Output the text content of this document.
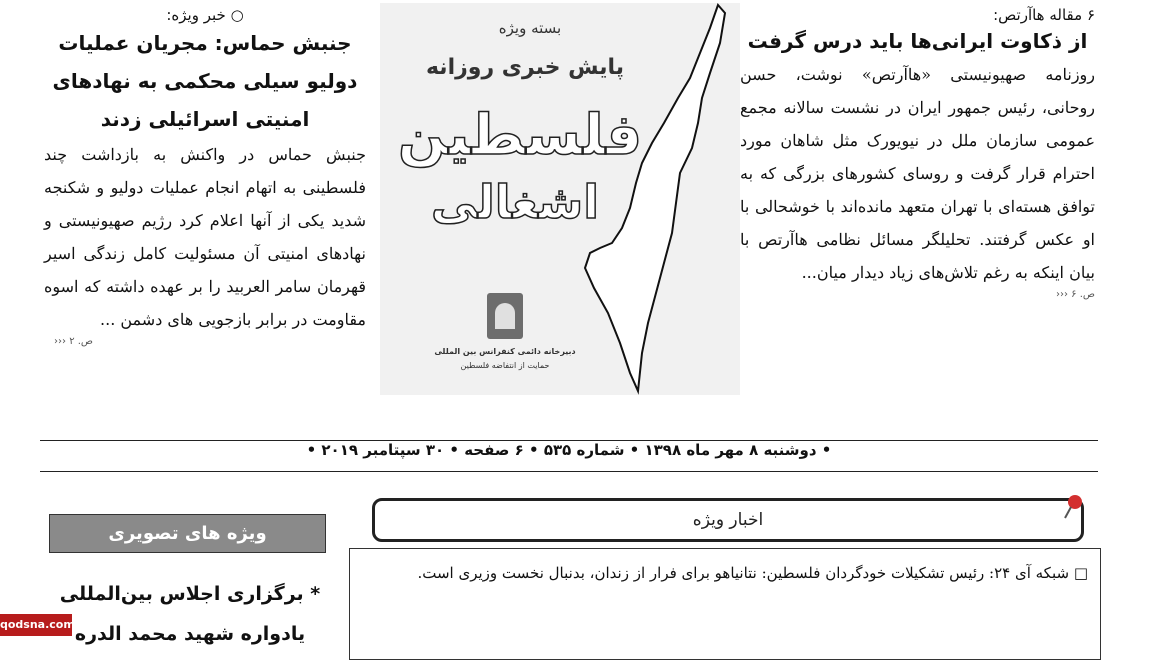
۶ مقاله هاآرتص:
از ذکاوت ایرانی‌ها باید درس گرفت
روزنامه صهیونیستی «هاآرتص» نوشت، حسن روحانی، رئیس جمهور ایران در نشست سالانه مجمع عمومی سازمان ملل در نیویورک مثل شاهان مورد احترام قرار گرفت و روسای کشورهای بزرگی که به توافق هسته‌ای با تهران متعهد مانده‌اند با خوشحالی با او عکس گرفتند. تحلیلگر مسائل نظامی هاآرتص با بیان اینکه به رغم تلاش‌های زیاد دیدار میان...
››› ص. ۶
بسته ویژه
پایش خبری روزانه
فلسطین
اشغالی
دبیرخانه دائمی کنفرانس بین المللی
حمایت از انتفاضه فلسطین
○ خبر ویژه:
جنبش حماس: مجریان عملیات دولیو سیلی محکمی به نهادهای امنیتی اسرائیلی زدند
جنبش حماس در واکنش به بازداشت چند فلسطینی به اتهام انجام عملیات دولیو و شکنجه شدید یکی از آنها اعلام کرد رژیم صهیونیستی و نهادهای امنیتی آن مسئولیت کامل زندگی اسیر قهرمان سامر العربید را بر عهده داشته که اسوه مقاومت در برابر بازجویی های دشمن ...
››› ص. ۲
• دوشنبه ۸ مهر ماه ۱۳۹۸ • شماره ۵۳۵ • ۶ صفحه • ۳۰ سپتامبر ۲۰۱۹ •
اخبار ویژه
□ شبکه آی ۲۴: رئیس تشکیلات خودگردان فلسطین: نتانیاهو برای فرار از زندان، بدنبال نخست وزیری است.
ویژه های تصویری
* برگزاری اجلاس بین‌المللی یادواره شهید محمد الدره
qodsna.com
